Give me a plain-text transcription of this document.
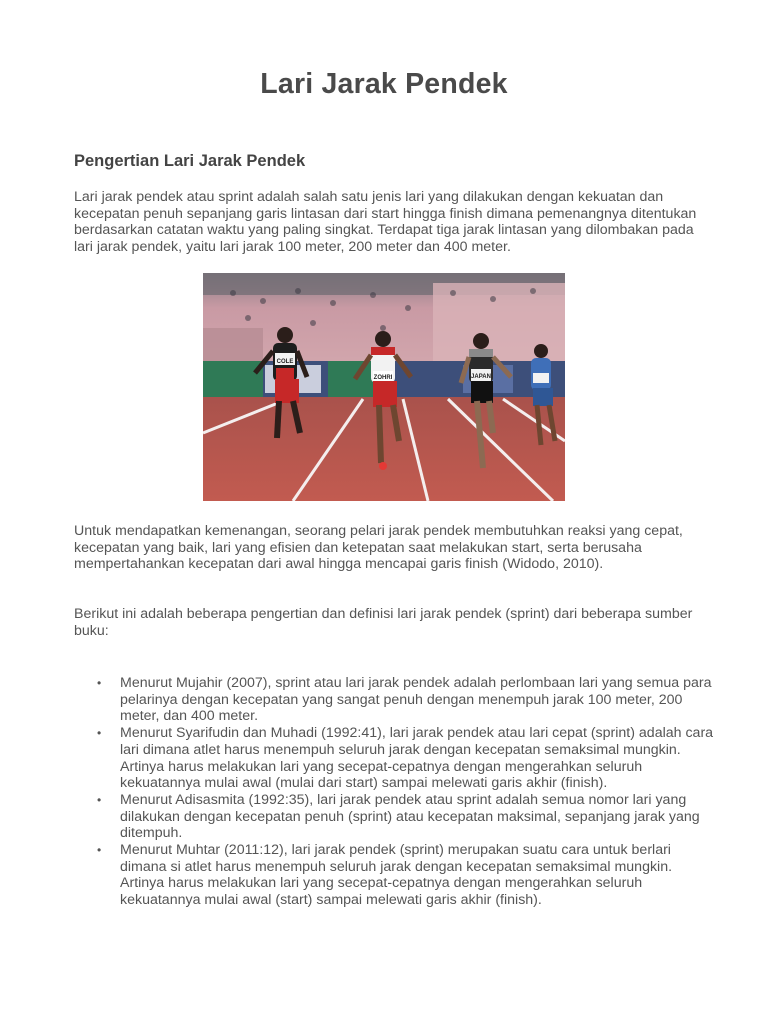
Lari Jarak Pendek
Pengertian Lari Jarak Pendek

Lari jarak pendek atau sprint adalah salah satu jenis lari yang dilakukan dengan kekuatan dan kecepatan penuh sepanjang garis lintasan dari start hingga finish dimana pemenangnya ditentukan berdasarkan catatan waktu yang paling singkat. Terdapat tiga jarak lintasan yang dilombakan pada lari jarak pendek, yaitu lari jarak 100 meter, 200 meter dan 400 meter.

COLE
ZOHRI	JAPAN

Untuk mendapatkan kemenangan, seorang pelari jarak pendek membutuhkan reaksi yang cepat, kecepatan yang baik, lari yang efisien dan ketepatan saat melakukan start, serta berusaha mempertahankan kecepatan dari awal hingga mencapai garis finish (Widodo, 2010).

Berikut ini adalah beberapa pengertian dan definisi lari jarak pendek (sprint) dari beberapa sumber buku:

• Menurut Mujahir (2007), sprint atau lari jarak pendek adalah perlombaan lari yang semua para pelarinya dengan kecepatan yang sangat penuh dengan menempuh jarak 100 meter, 200 meter, dan 400 meter.
• Menurut Syarifudin dan Muhadi (1992:41), lari jarak pendek atau lari cepat (sprint) adalah cara lari dimana atlet harus menempuh seluruh jarak dengan kecepatan semaksimal mungkin. Artinya harus melakukan lari yang secepat-cepatnya dengan mengerahkan seluruh kekuatannya mulai awal (mulai dari start) sampai melewati garis akhir (finish).
• Menurut Adisasmita (1992:35), lari jarak pendek atau sprint adalah semua nomor lari yang dilakukan dengan kecepatan penuh (sprint) atau kecepatan maksimal, sepanjang jarak yang ditempuh.
• Menurut Muhtar (2011:12), lari jarak pendek (sprint) merupakan suatu cara untuk berlari dimana si atlet harus menempuh seluruh jarak dengan kecepatan semaksimal mungkin. Artinya harus melakukan lari yang secepat-cepatnya dengan mengerahkan seluruh kekuatannya mulai awal (start) sampai melewati garis akhir (finish).
